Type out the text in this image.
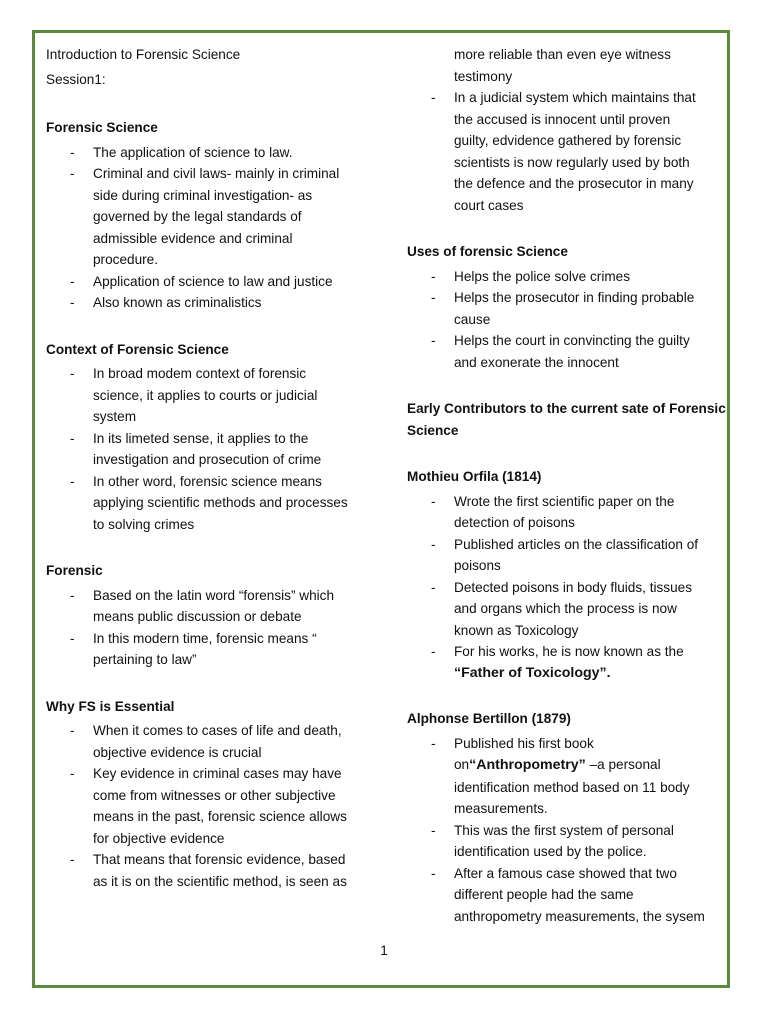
Introduction to Forensic Science
Session1:
Forensic Science
- The application of science to law.
- Criminal and civil laws- mainly in criminal
side during criminal investigation- as
governed by the legal standards of
admissible evidence and criminal
procedure.
- Application of science to law and justice
- Also known as criminalistics
Context of Forensic Science
- In broad modem context of forensic
science, it applies to courts or judicial
system
- In its limeted sense, it applies to the
investigation and prosecution of crime
- In other word, forensic science means
applying scientific methods and processes
to solving crimes
Forensic
- Based on the latin word “forensis” which
means public discussion or debate
- In this modern time, forensic means “
pertaining to law”
Why FS is Essential
- When it comes to cases of life and death,
objective evidence is crucial
- Key evidence in criminal cases may have
come from witnesses or other subjective
means in the past, forensic science allows
for objective evidence
- That means that forensic evidence, based
as it is on the scientific method, is seen as
more reliable than even eye witness
testimony
- In a judicial system which maintains that
the accused is innocent until proven
guilty, edvidence gathered by forensic
scientists is now regularly used by both
the defence and the prosecutor in many
court cases
Uses of forensic Science
- Helps the police solve crimes
- Helps the prosecutor in finding probable
cause
- Helps the court in convincting the guilty
and exonerate the innocent
Early Contributors to the current sate of Forensic
Science
Mothieu Orfila (1814)
- Wrote the first scientific paper on the
detection of poisons
- Published articles on the classification of
poisons
- Detected poisons in body fluids, tissues
and organs which the process is now
known as Toxicology
- For his works, he is now known as the
“Father of Toxicology”.
Alphonse Bertillon (1879)
- Published his first book
on“Anthropometry” –a personal
identification method based on 11 body
measurements.
- This was the first system of personal
identification used by the police.
- After a famous case showed that two
different people had the same
anthropometry measurements, the sysem
1
